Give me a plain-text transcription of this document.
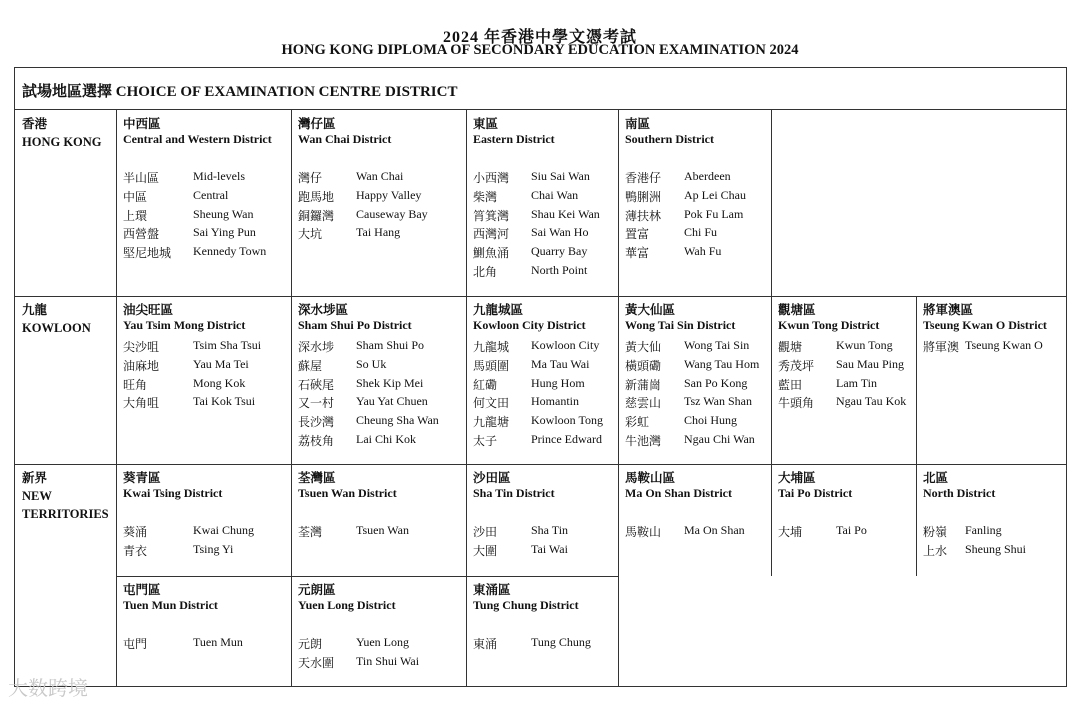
2024 年香港中學文憑考試
HONG KONG DIPLOMA OF SECONDARY EDUCATION EXAMINATION 2024
試場地區選擇 CHOICE OF EXAMINATION CENTRE DISTRICT
香港
HONG KONG
九龍
KOWLOON
新界
NEW TERRITORIES
中西區
Central and Western District
半山區	Mid-levels
中區	Central
上環	Sheung Wan
西營盤	Sai Ying Pun
堅尼地城 Kennedy Town
灣仔區
Wan Chai District
灣仔	Wan Chai
跑馬地 Happy Valley
銅鑼灣 Causeway Bay
大坑	Tai Hang
東區
Eastern District
小西灣 Siu Sai Wan
柴灣	Chai Wan
筲箕灣 Shau Kei Wan
西灣河 Sai Wan Ho
鰂魚涌 Quarry Bay
北角	North Point
南區
Southern District
香港仔 Aberdeen
鴨脷洲 Ap Lei Chau
薄扶林 Pok Fu Lam
置富	Chi Fu
華富	Wah Fu
油尖旺區
Yau Tsim Mong District
尖沙咀	Tsim Sha Tsui
油麻地	Yau Ma Tei
旺角	Mong Kok
大角咀	Tai Kok Tsui
深水埗區
Sham Shui Po District
深水埗 Sham Shui Po
蘇屋	So Uk
石硤尾 Shek Kip Mei
又一村 Yau Yat Chuen
長沙灣 Cheung Sha Wan
荔枝角 Lai Chi Kok
九龍城區
Kowloon City District
九龍城 Kowloon City
馬頭圍 Ma Tau Wai
紅磡	Hung Hom
何文田 Homantin
九龍塘 Kowloon Tong
太子	Prince Edward
黃大仙區
Wong Tai Sin District
黃大仙 Wong Tai Sin
橫頭磡 Wang Tau Hom
新蒲崗 San Po Kong
慈雲山 Tsz Wan Shan
彩虹	Choi Hung
牛池灣 Ngau Chi Wan
觀塘區
Kwun Tong District
觀塘	Kwun Tong
秀茂坪 Sau Mau Ping
藍田	Lam Tin
牛頭角 Ngau Tau Kok
將軍澳區
Tseung Kwan O District
將軍澳 Tseung Kwan O
葵青區
Kwai Tsing District
葵涌	Kwai Chung
青衣	Tsing Yi
荃灣區
Tsuen Wan District
荃灣	Tsuen Wan
沙田區
Sha Tin District
沙田	Sha Tin
大圍	Tai Wai
馬鞍山區
Ma On Shan District
馬鞍山 Ma On Shan
大埔區
Tai Po District
大埔	Tai Po
北區
North District
粉嶺 Fanling
上水 Sheung Shui
屯門區
Tuen Mun District
屯門	Tuen Mun
元朗區
Yuen Long District
元朗	Yuen Long
天水圍 Tin Shui Wai
東涌區
Tung Chung District
東涌	Tung Chung
大数跨境
